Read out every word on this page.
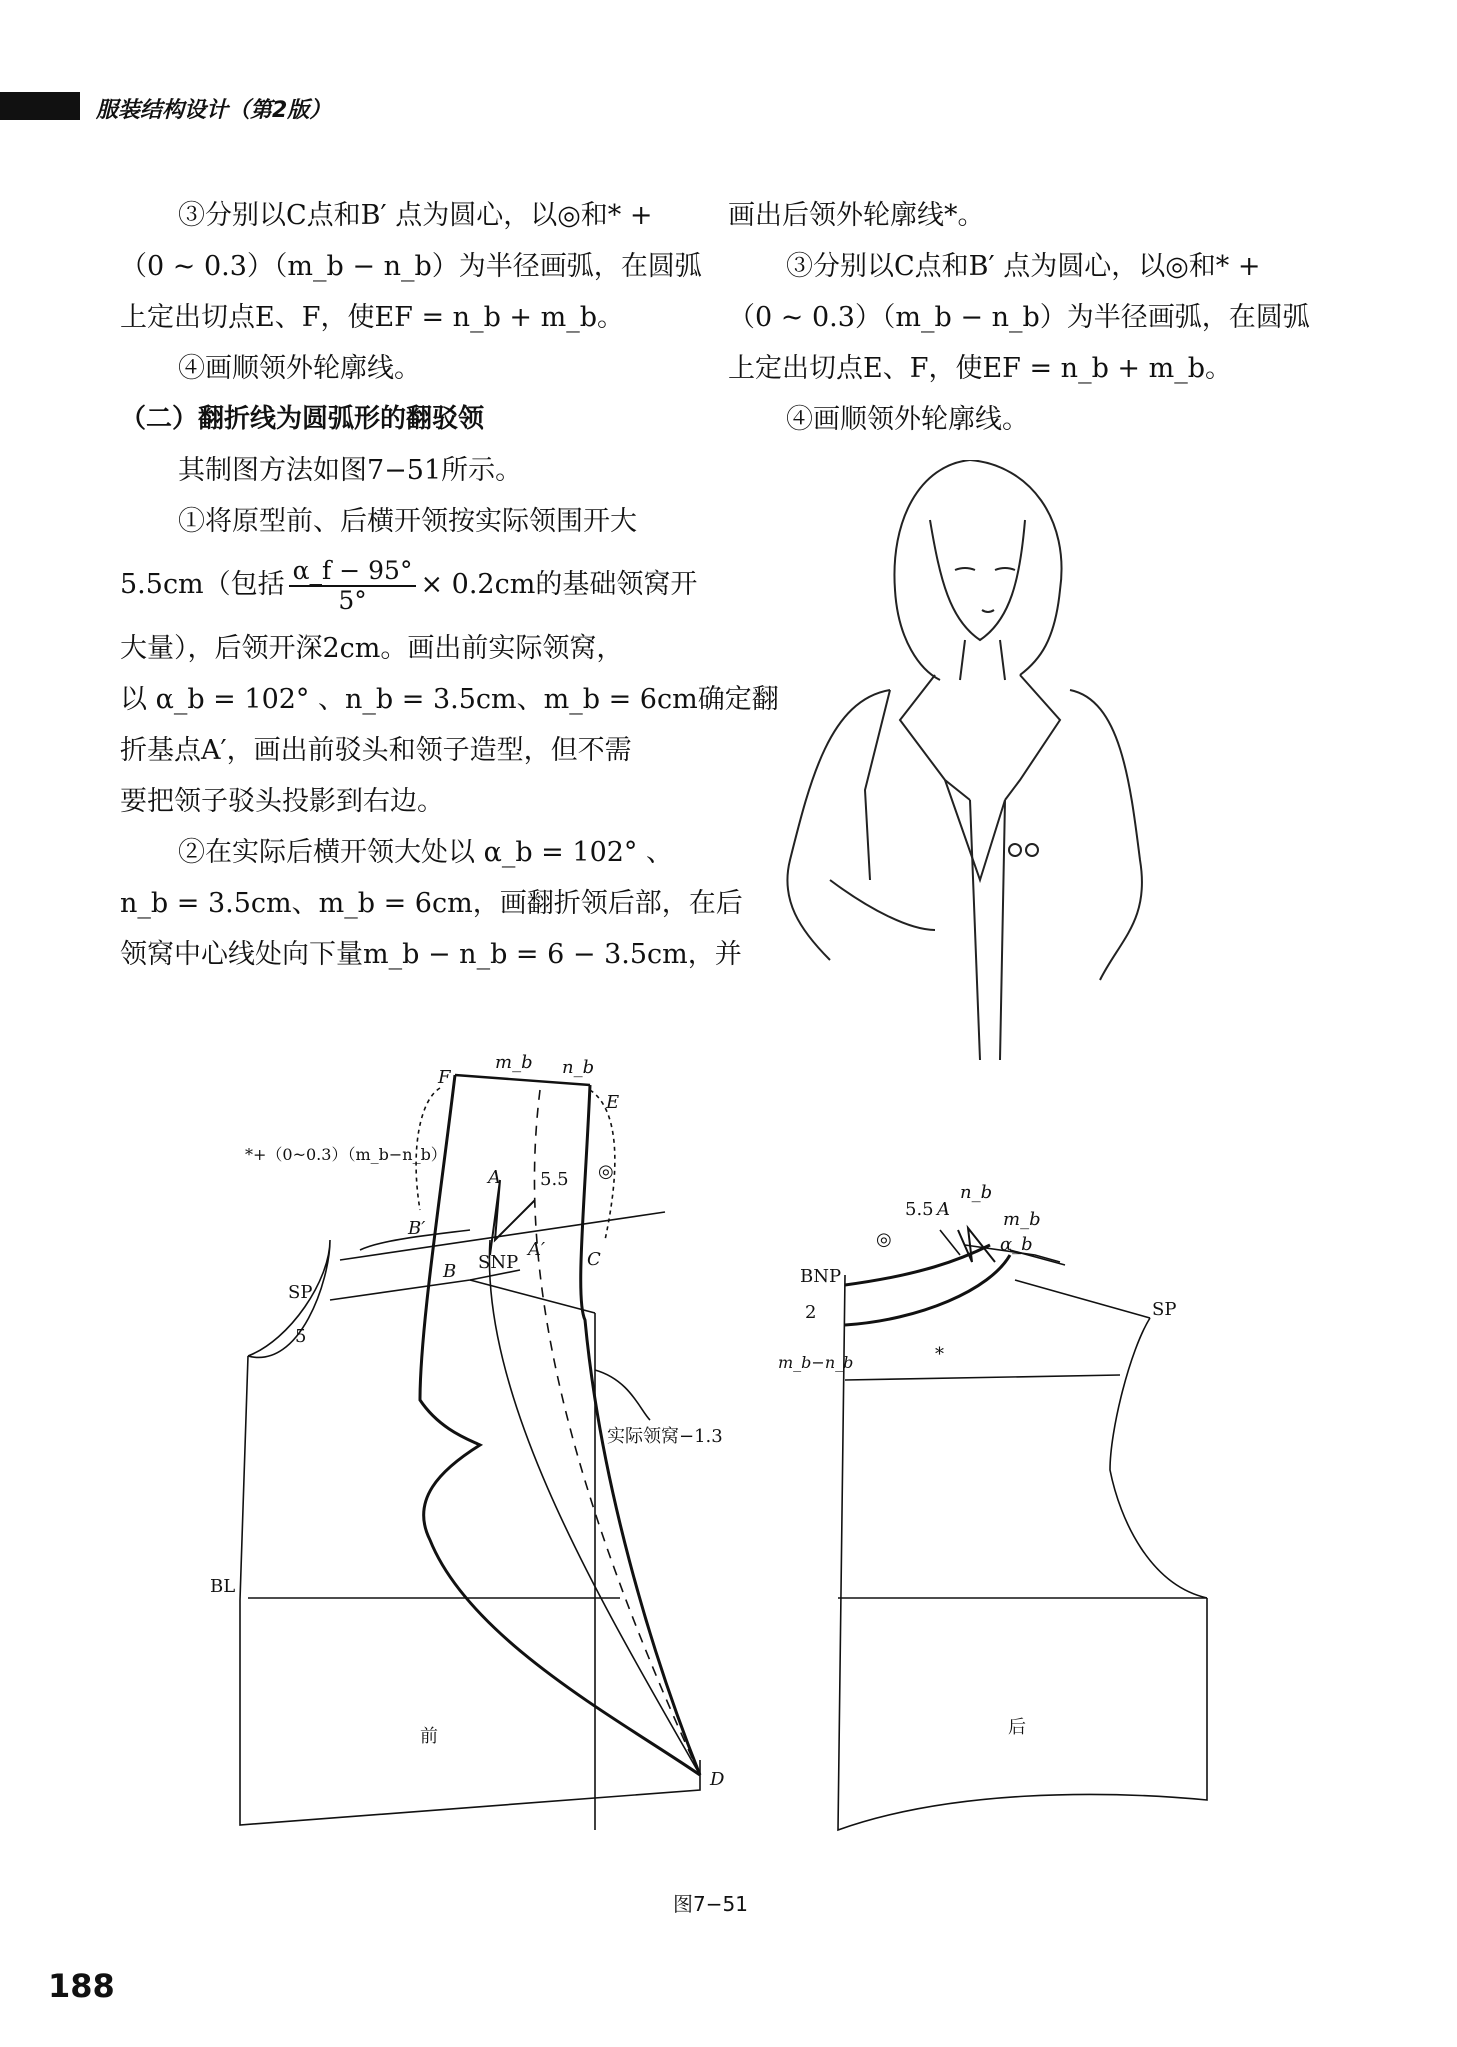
服装结构设计（第2版）

③分别以C点和B′ 点为圆心，以◎和* +

（0 ~ 0.3）（m_b − n_b）为半径画弧，在圆弧

上定出切点E、F，使EF = n_b + m_b。

④画顺领外轮廓线。

（二）翻折线为圆弧形的翻驳领

其制图方法如图7−51所示。

①将原型前、后横开领按实际领围开大

5.5cm（包括 $\frac{\alpha\_f - 95^\circ}{5^\circ} \times 0.2cm$的基础领窝开

大量），后领开深2cm。画出前实际领窝，

以 α_b = 102° 、n_b = 3.5cm、m_b = 6cm确定翻

折基点A′，画出前驳头和领子造型，但不需

要把领子驳头投影到右边。

②在实际后横开领大处以 α_b = 102° 、

n_b = 3.5cm、m_b = 6cm，画翻折领后部，在后

领窝中心线处向下量m_b − n_b = 6 − 3.5cm，并

画出后领外轮廓线*。

③分别以C点和B′ 点为圆心，以◎和* +

（0 ~ 0.3）（m_b − n_b）为半径画弧，在圆弧

上定出切点E、F，使EF = n_b + m_b。

④画顺领外轮廓线。

F
E
m_b n_b
*+（0~0.3）（m_b−n_b）
A 5.5 ◎
B′
B SNP
A′ C
SP
5
实际领窝−1.3
BL
前
D
5.5 A
n_b
m_b
α_b
◎
BNP
2
m_b−n_b	*
SP
后
图7−51
188
